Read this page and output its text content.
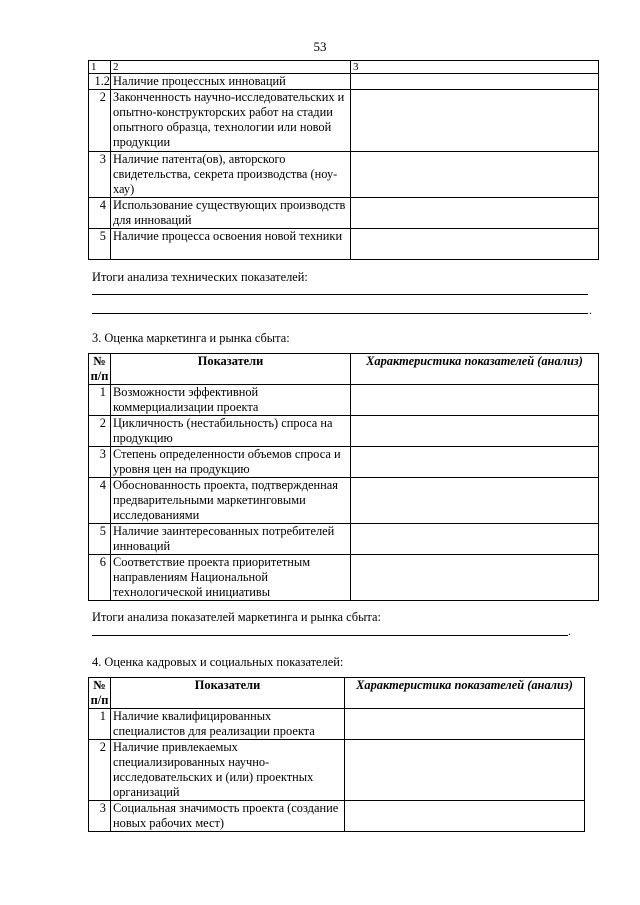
53
1	2	3
1.2	Наличие процессных инноваций	
2	Законченность научно-исследовательских и опытно-конструкторских работ на стадии опытного образца, технологии или новой продукции	
3	Наличие патента(ов), авторского свидетельства, секрета производства (ноу-хау)	
4	Использование существующих производств для инноваций	
5	Наличие процесса освоения новой техники	
Итоги анализа технических показателей:
.
3. Оценка маркетинга и рынка сбыта:
№ п/п	Показатели	Характеристика показателей (анализ)
1	Возможности эффективной коммерциализации проекта	
2	Цикличность (нестабильность) спроса на продукцию	
3	Степень определенности объемов спроса и уровня цен на продукцию	
4	Обоснованность проекта, подтвержденная предварительными маркетинговыми исследованиями	
5	Наличие заинтересованных потребителей инноваций	
6	Соответствие проекта приоритетным направлениям Национальной технологической инициативы	
Итоги анализа показателей маркетинга и рынка сбыта:
.
4. Оценка кадровых и социальных показателей:
№ п/п	Показатели	Характеристика показателей (анализ)
1	Наличие квалифицированных специалистов для реализации проекта	
2	Наличие привлекаемых специализированных научно-исследовательских и (или) проектных организаций	
3	Социальная значимость проекта (создание новых рабочих мест)	
